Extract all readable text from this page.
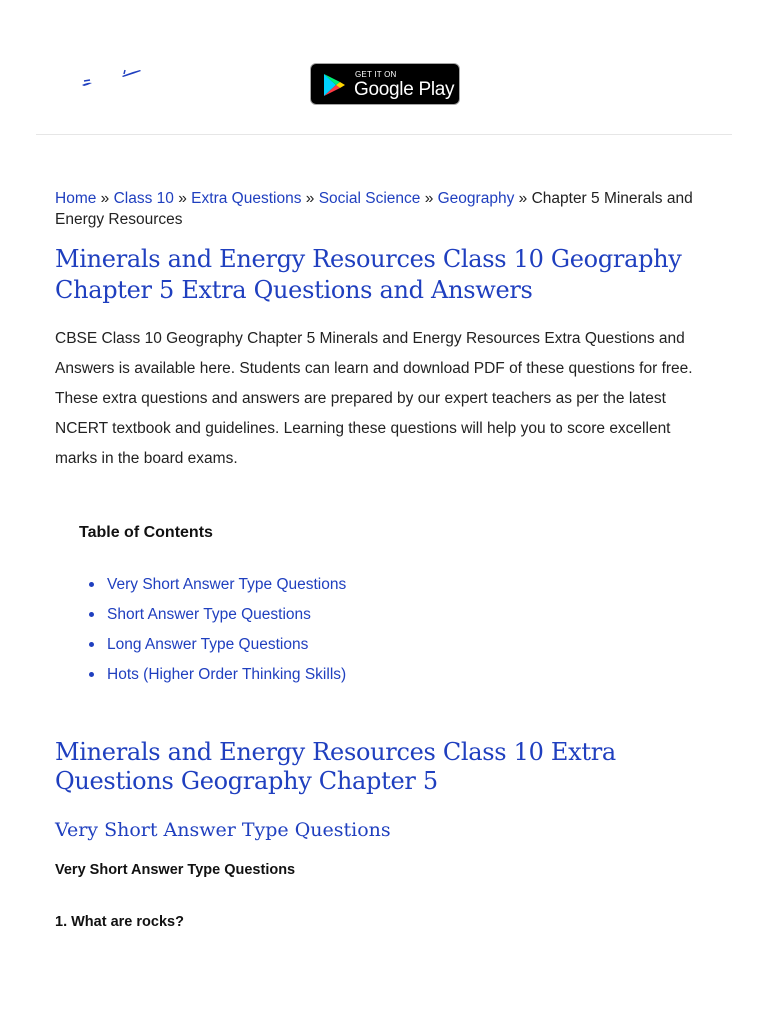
GET IT ON
Google Play
Home » Class 10 » Extra Questions » Social Science » Geography » Chapter 5 Minerals and Energy Resources
Minerals and Energy Resources Class 10 Geography Chapter 5 Extra Questions and Answers

CBSE Class 10 Geography Chapter 5 Minerals and Energy Resources Extra Questions and Answers is available here. Students can learn and download PDF of these questions for free. These extra questions and answers are prepared by our expert teachers as per the latest NCERT textbook and guidelines. Learning these questions will help you to score excellent marks in the board exams.

Table of Contents
Very Short Answer Type Questions
Short Answer Type Questions
Long Answer Type Questions
Hots (Higher Order Thinking Skills)
Minerals and Energy Resources Class 10 Extra Questions Geography Chapter 5
Very Short Answer Type Questions
Very Short Answer Type Questions
1. What are rocks?
